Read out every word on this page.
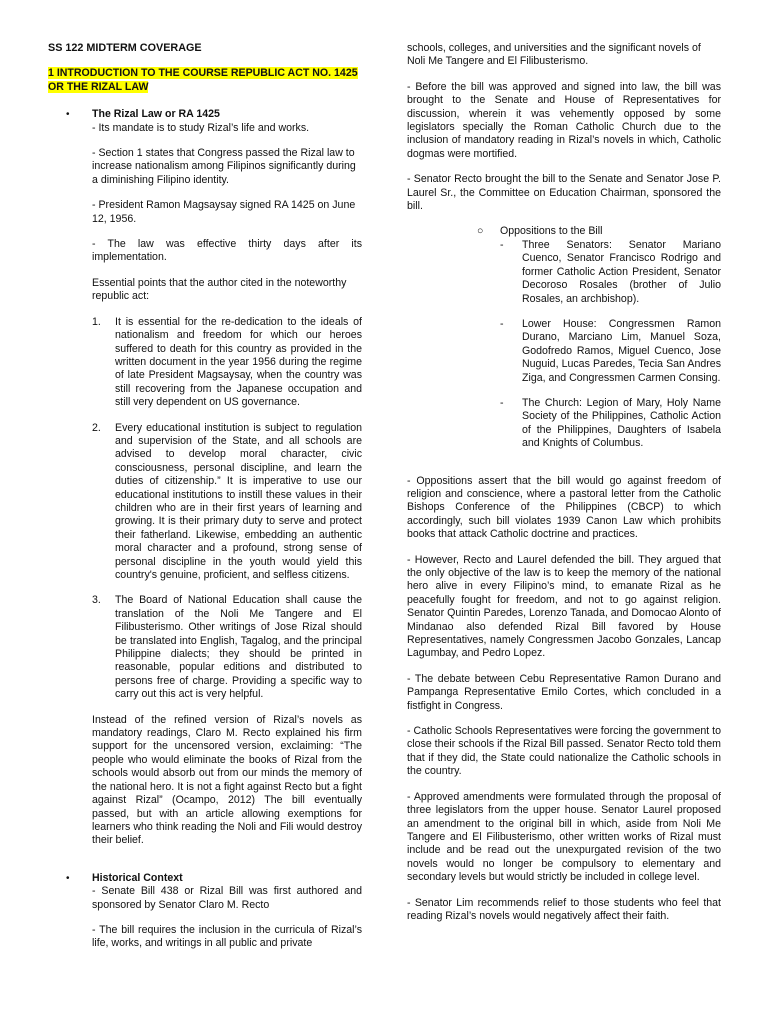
SS 122 MIDTERM COVERAGE

1 INTRODUCTION TO THE COURSE REPUBLIC ACT NO. 1425 OR THE RIZAL LAW
• The Rizal Law or RA 1425

- Its mandate is to study Rizal’s life and works.

- Section 1 states that Congress passed the Rizal law to increase nationalism among Filipinos significantly during a diminishing Filipino identity.

- President Ramon Magsaysay signed RA 1425 on June 12, 1956.

- The law was effective thirty days after its implementation.

Essential points that the author cited in the noteworthy republic act:

1. It is essential for the re-dedication to the ideals of nationalism and freedom for which our heroes suffered to death for this country as provided in the written document in the year 1956 during the regime of late President Magsaysay, when the country was still recovering from the Japanese occupation and still very dependent on US governance.

2. Every educational institution is subject to regulation and supervision of the State, and all schools are advised to develop moral character, civic consciousness, personal discipline, and learn the duties of citizenship.” It is imperative to use our educational institutions to instill these values in their children who are in their first years of learning and growing. It is their primary duty to serve and protect their fatherland. Likewise, embedding an authentic moral character and a profound, strong sense of personal discipline in the youth would yield this country's genuine, proficient, and selfless citizens.

3. The Board of National Education shall cause the translation of the Noli Me Tangere and El Filibusterismo. Other writings of Jose Rizal should be translated into English, Tagalog, and the principal Philippine dialects; they should be printed in reasonable, popular editions and distributed to persons free of charge. Providing a specific way to carry out this act is very helpful.

Instead of the refined version of Rizal’s novels as mandatory readings, Claro M. Recto explained his firm support for the uncensored version, exclaiming: “The people who would eliminate the books of Rizal from the schools would absorb out from our minds the memory of the national hero. It is not a fight against Recto but a fight against Rizal” (Ocampo, 2012) The bill eventually passed, but with an article allowing exemptions for learners who think reading the Noli and Fili would destroy their belief.

• Historical Context

- Senate Bill 438 or Rizal Bill was first authored and sponsored by Senator Claro M. Recto

- The bill requires the inclusion in the curricula of Rizal’s life, works, and writings in all public and private

schools, colleges, and universities and the significant novels of Noli Me Tangere and El Filibusterismo.

- Before the bill was approved and signed into law, the bill was brought to the Senate and House of Representatives for discussion, wherein it was vehemently opposed by some legislators specially the Roman Catholic Church due to the inclusion of mandatory reading in Rizal’s novels in which, Catholic dogmas were mortified.

- Senator Recto brought the bill to the Senate and Senator Jose P. Laurel Sr., the Committee on Education Chairman, sponsored the bill.

○ Oppositions to the Bill

- Three Senators: Senator Mariano Cuenco, Senator Francisco Rodrigo and former Catholic Action President, Senator Decoroso Rosales (brother of Julio Rosales, an archbishop).

- Lower House: Congressmen Ramon Durano, Marciano Lim, Manuel Soza, Godofredo Ramos, Miguel Cuenco, Jose Nuguid, Lucas Paredes, Tecia San Andres Ziga, and Congressmen Carmen Consing.

- The Church: Legion of Mary, Holy Name Society of the Philippines, Catholic Action of the Philippines, Daughters of Isabela and Knights of Columbus.

- Oppositions assert that the bill would go against freedom of religion and conscience, where a pastoral letter from the Catholic Bishops Conference of the Philippines (CBCP) to which accordingly, such bill violates 1939 Canon Law which prohibits books that attack Catholic doctrine and practices.

- However, Recto and Laurel defended the bill. They argued that the only objective of the law is to keep the memory of the national hero alive in every Filipino’s mind, to emanate Rizal as he peacefully fought for freedom, and not to go against religion. Senator Quintin Paredes, Lorenzo Tanada, and Domocao Alonto of Mindanao also defended Rizal Bill favored by House Representatives, namely Congressmen Jacobo Gonzales, Lancap Lagumbay, and Pedro Lopez.

- The debate between Cebu Representative Ramon Durano and Pampanga Representative Emilo Cortes, which concluded in a fistfight in Congress.

- Catholic Schools Representatives were forcing the government to close their schools if the Rizal Bill passed. Senator Recto told them that if they did, the State could nationalize the Catholic schools in the country.

- Approved amendments were formulated through the proposal of three legislators from the upper house. Senator Laurel proposed an amendment to the original bill in which, aside from Noli Me Tangere and El Filibusterismo, other written works of Rizal must include and be read out the unexpurgated revision of the two novels would no longer be compulsory to elementary and secondary levels but would strictly be included in college level.

- Senator Lim recommends relief to those students who feel that reading Rizal’s novels would negatively affect their faith.
